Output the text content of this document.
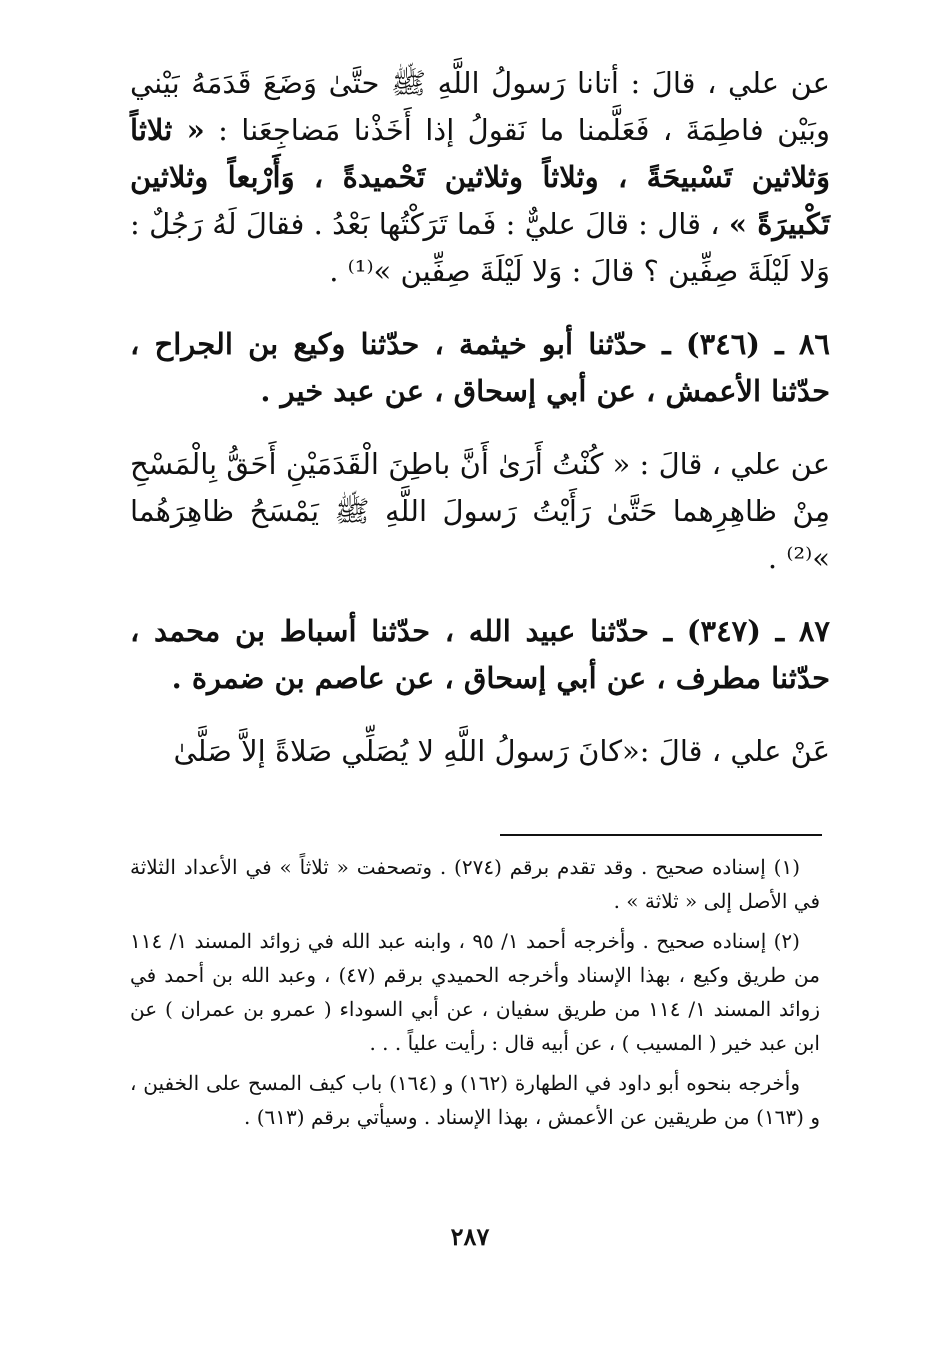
عن علي ، قالَ : أتانا رَسولُ اللَّهِ ﷺ حتَّىٰ وَضَعَ قَدَمَهُ بَيْني وبَيْن فاطِمَةَ ، فَعَلَّمنا ما نَقولُ إذا أَخَذْنا مَضاجِعَنا : « ثلاثاً وَثلاثين تَسْبيحَةً ، وثلاثاً وثلاثين تَحْميدةً ، وَأَرْبعاً وثلاثين تَكْبيرَةً » ، قال : قالَ عليٌّ : فَما تَرَكْتُها بَعْدُ . فقالَ لَهُ رَجُلٌ : وَلا لَيْلَةَ صِفِّين ؟ قالَ : وَلا لَيْلَةَ صِفِّين »⁽¹⁾ .

٨٦ ـ (٣٤٦) ـ حدّثنا أبو خيثمة ، حدّثنا وكيع بن الجراح ، حدّثنا الأعمش ، عن أبي إسحاق ، عن عبد خير .

عن علي ، قالَ : « كُنْتُ أَرَىٰ أَنَّ باطِنَ الْقَدَمَيْنِ أَحَقُّ بِالْمَسْحِ مِنْ ظاهِرِهما حَتَّىٰ رَأَيْتُ رَسولَ اللَّهِ ﷺ يَمْسَحُ ظاهِرَهُما »⁽²⁾ .

٨٧ ـ (٣٤٧) ـ حدّثنا عبيد الله ، حدّثنا أسباط بن محمد ، حدّثنا مطرف ، عن أبي إسحاق ، عن عاصم بن ضمرة .

عَنْ علي ، قالَ :«كانَ رَسولُ اللَّهِ لا يُصَلِّي صَلاةً إلاَّ صَلَّىٰ

(١) إسناده صحيح . وقد تقدم برقم (٢٧٤) . وتصحفت « ثلاثاً » في الأعداد الثلاثة في الأصل إلى « ثلاثة » .

(٢) إسناده صحيح . وأخرجه أحمد ١/ ٩٥ ، وابنه عبد الله في زوائد المسند ١/ ١١٤ من طريق وكيع ، بهذا الإسناد وأخرجه الحميدي برقم (٤٧) ، وعبد الله بن أحمد في زوائد المسند ١/ ١١٤ من طريق سفيان ، عن أبي السوداء ( عمرو بن عمران ) عن ابن عبد خير ( المسيب ) ، عن أبيه قال : رأيت علياً . . .

وأخرجه بنحوه أبو داود في الطهارة (١٦٢) و (١٦٤) باب كيف المسح على الخفين ، و (١٦٣) من طريقين عن الأعمش ، بهذا الإسناد . وسيأتي برقم (٦١٣) .

٢٨٧
